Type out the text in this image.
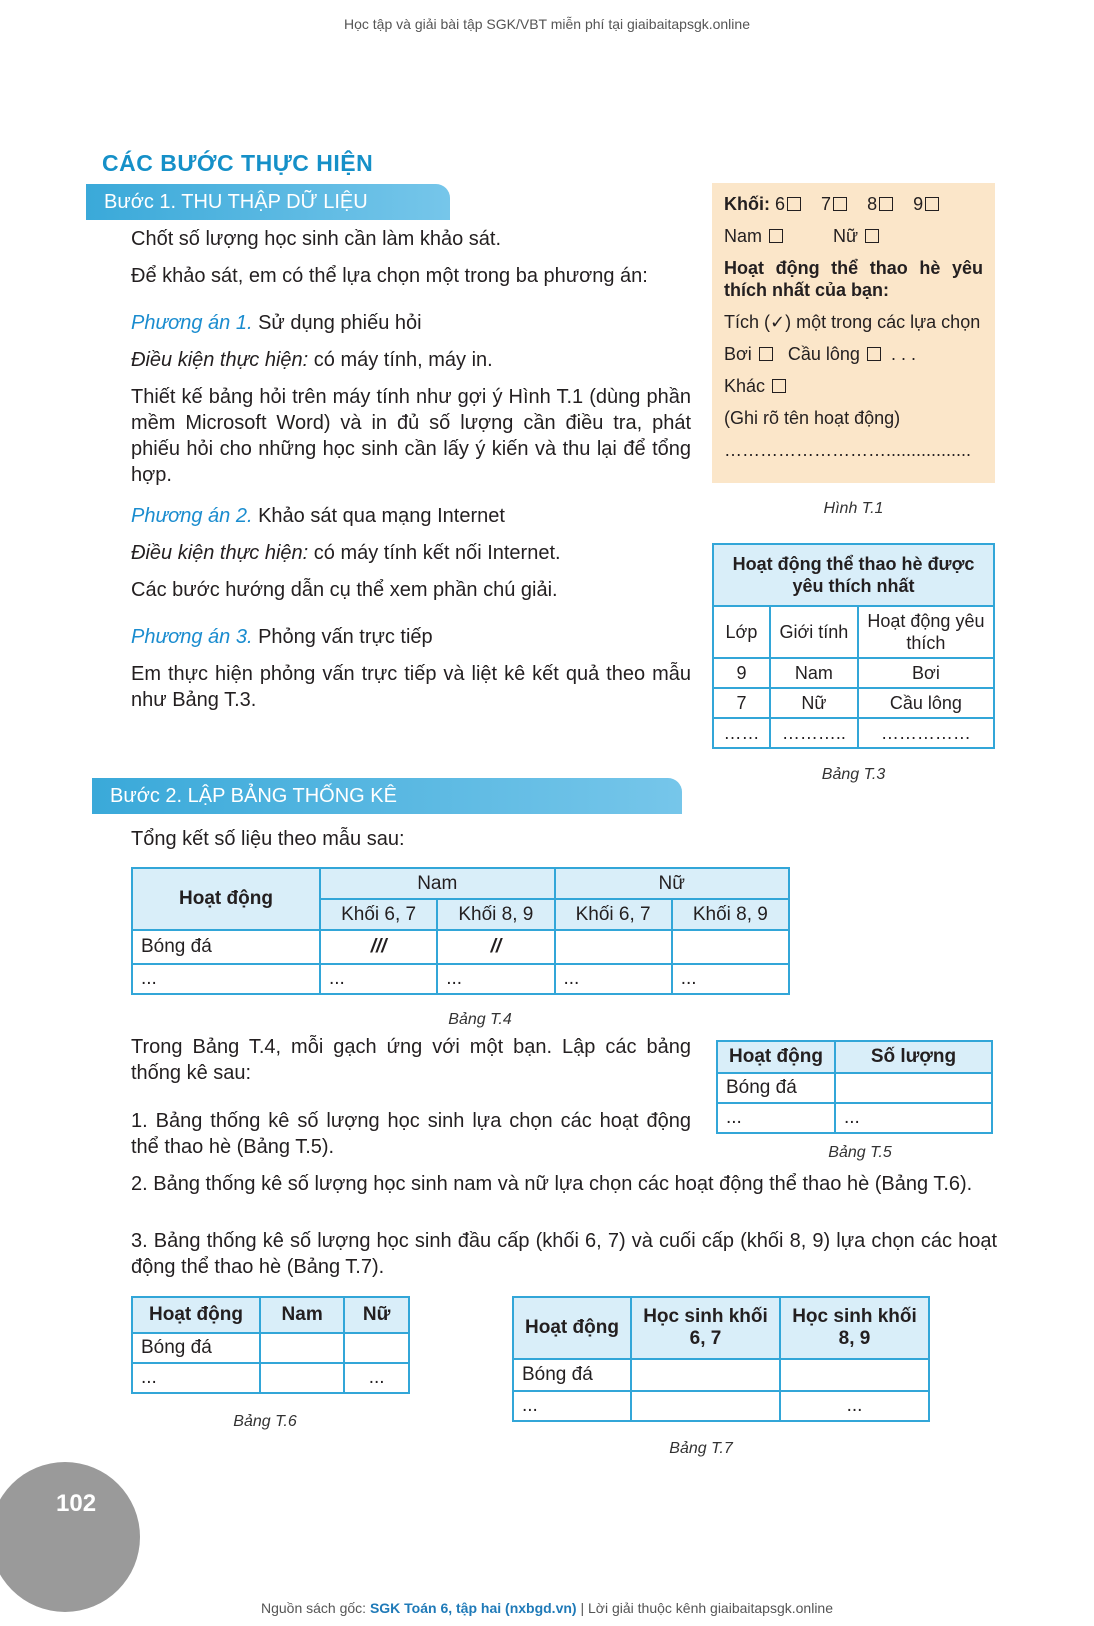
Học tập và giải bài tập SGK/VBT miễn phí tại giaibaitapsgk.online
CÁC BƯỚC THỰC HIỆN
Bước 1. THU THẬP DỮ LIỆU
Chốt số lượng học sinh cần làm khảo sát.
Để khảo sát, em có thể lựa chọn một trong ba phương án:
Phương án 1. Sử dụng phiếu hỏi
Điều kiện thực hiện: có máy tính, máy in.
Thiết kế bảng hỏi trên máy tính như gợi ý Hình T.1 (dùng phần mềm Microsoft Word) và in đủ số lượng cần điều tra, phát phiếu hỏi cho những học sinh cần lấy ý kiến và thu lại để tổng hợp.
Phương án 2. Khảo sát qua mạng Internet
Điều kiện thực hiện: có máy tính kết nối Internet.
Các bước hướng dẫn cụ thể xem phần chú giải.
Phương án 3. Phỏng vấn trực tiếp
Em thực hiện phỏng vấn trực tiếp và liệt kê kết quả theo mẫu như Bảng T.3.
Khối: 6 7 8 9
Nam	Nữ
Hoạt động thể thao hè yêu thích nhất của bạn:
Tích (✓) một trong các lựa chọn
Bơi Cầu lông . . .
Khác
(Ghi rõ tên hoạt động)
……………………….................
Hình T.1
Hoạt động thể thao hè được yêu thích nhất		
Lớp	Giới tính	Hoạt động yêu thích
9	Nam	Bơi
7	Nữ	Cầu lông
……	………..	……………
Bảng T.3
Bước 2. LẬP BẢNG THỐNG KÊ
Tổng kết số liệu theo mẫu sau:
Hoạt động	Nam		Nữ	
	Khối 6, 7	Khối 8, 9	Khối 6, 7	Khối 8, 9
Bóng đá	///	//		
...	...	...	...	...
Bảng T.4
Trong Bảng T.4, mỗi gạch ứng với một bạn. Lập các bảng thống kê sau:
1. Bảng thống kê số lượng học sinh lựa chọn các hoạt động thể thao hè (Bảng T.5).
Hoạt động	Số lượng
Bóng đá	
...	...
Bảng T.5
2. Bảng thống kê số lượng học sinh nam và nữ lựa chọn các hoạt động thể thao hè (Bảng T.6).
3. Bảng thống kê số lượng học sinh đầu cấp (khối 6, 7) và cuối cấp (khối 8, 9) lựa chọn các hoạt động thể thao hè (Bảng T.7).
Hoạt động	Nam	Nữ
Bóng đá		
...		...
Bảng T.6
Hoạt động	Học sinh khối 6, 7	Học sinh khối 8, 9
Bóng đá		
...		...
Bảng T.7
102
Nguồn sách gốc: SGK Toán 6, tập hai (nxbgd.vn) | Lời giải thuộc kênh giaibaitapsgk.online
